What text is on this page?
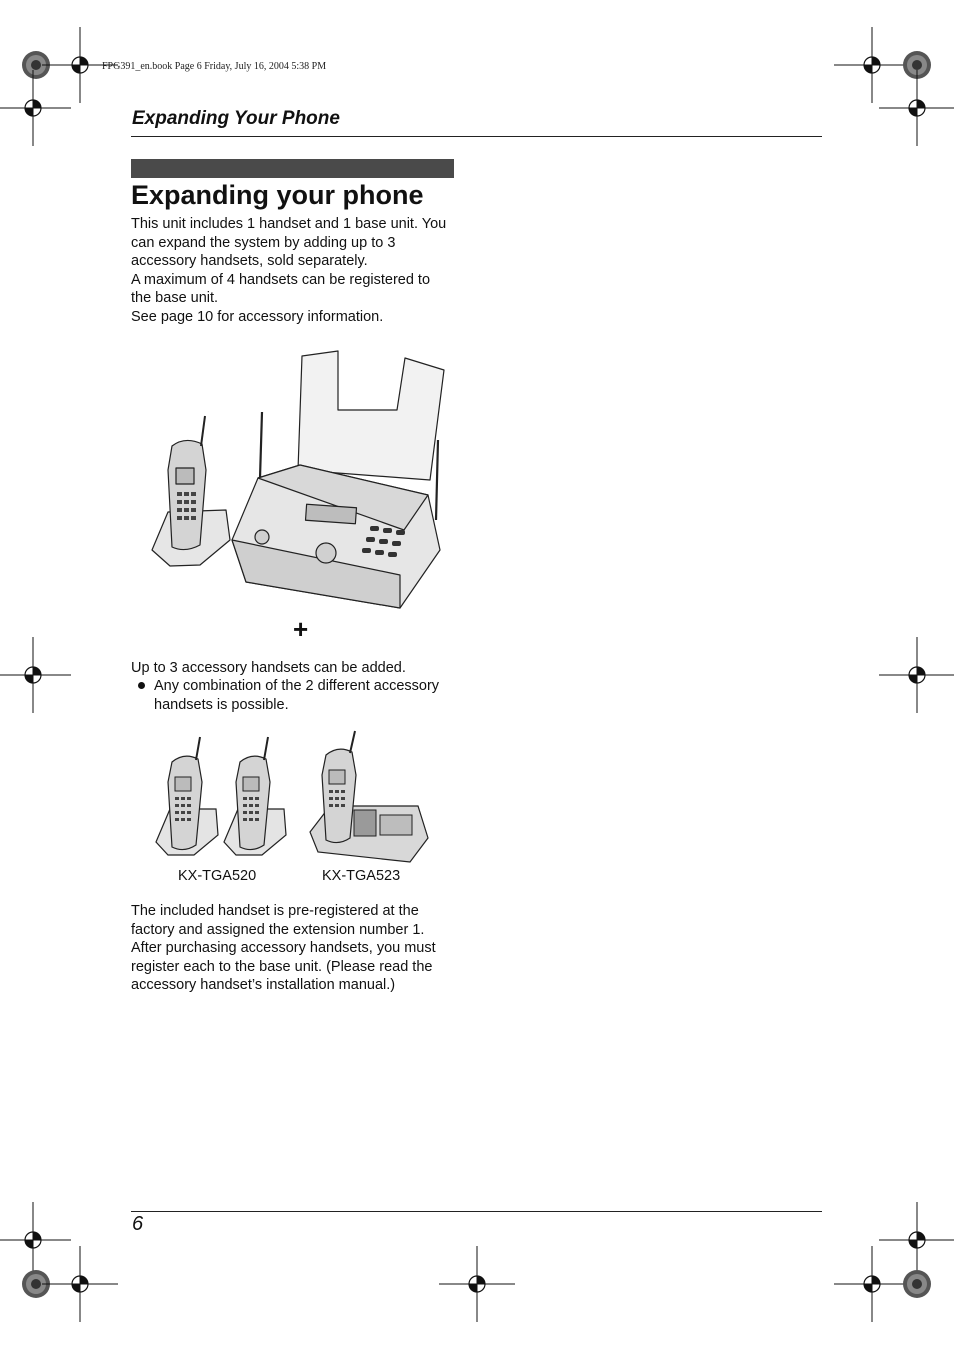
FPG391_en.book Page 6 Friday, July 16, 2004 5:38 PM
Expanding Your Phone
Expanding your phone
This unit includes 1 handset and 1 base unit. You
can expand the system by adding up to 3
accessory handsets, sold separately.
A maximum of 4 handsets can be registered to
the base unit.
See page 10 for accessory information.
+
Up to 3 accessory handsets can be added.
Any combination of the 2 different accessory
handsets is possible.
KX-TGA520	KX-TGA523
The included handset is pre-registered at the
factory and assigned the extension number 1.
After purchasing accessory handsets, you must
register each to the base unit. (Please read the
accessory handset’s installation manual.)
6
